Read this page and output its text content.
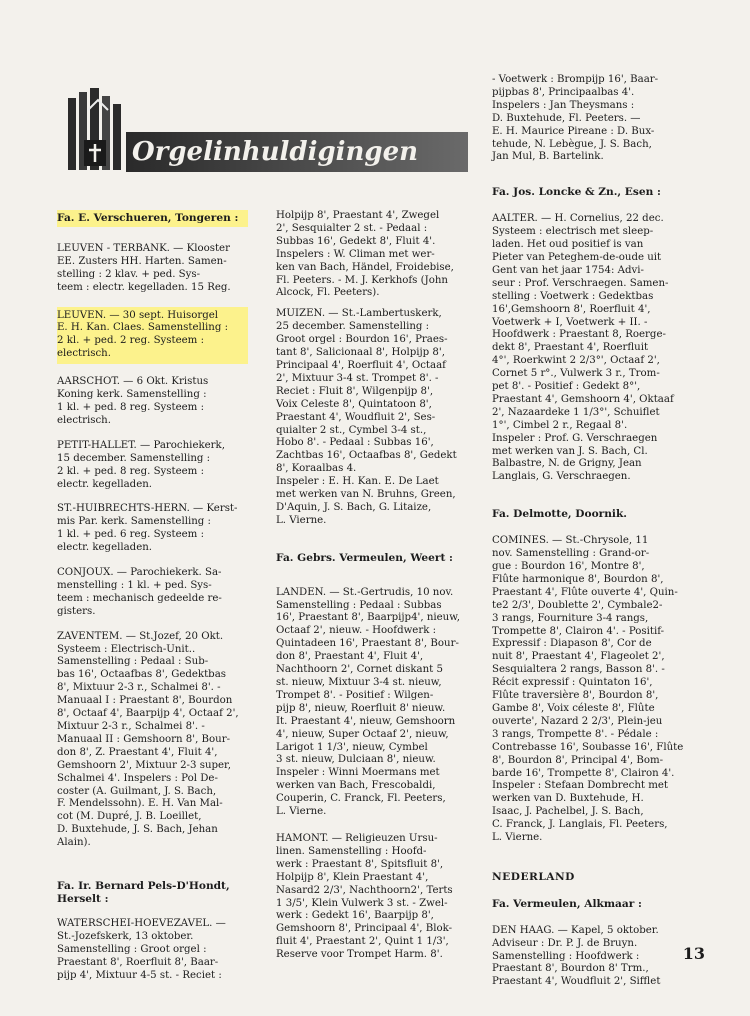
Orgelinhuldigingen
Fa. E. Verschueren, Tongeren :
LEUVEN - TERBANK. — Klooster
EE. Zusters HH. Harten. Samen-
stelling : 2 klav. + ped. Sys-
teem : electr. kegelladen. 15 Reg.
LEUVEN. — 30 sept. Huisorgel
E. H. Kan. Claes. Samenstelling :
2 kl. + ped. 2 reg. Systeem :
electrisch.
AARSCHOT. — 6 Okt. Kristus
Koning kerk. Samenstelling :
1 kl. + ped. 8 reg. Systeem :
electrisch.
PETIT-HALLET. — Parochiekerk,
15 december. Samenstelling :
2 kl. + ped. 8 reg. Systeem :
electr. kegelladen.
ST.-HUIBRECHTS-HERN. — Kerst-
mis Par. kerk. Samenstelling :
1 kl. + ped. 6 reg. Systeem :
electr. kegelladen.
CONJOUX. — Parochiekerk. Sa-
menstelling : 1 kl. + ped. Sys-
teem : mechanisch gedeelde re-
gisters.
ZAVENTEM. — St.Jozef, 20 Okt.
Systeem : Electrisch-Unit..
Samenstelling : Pedaal : Sub-
bas 16', Octaafbas 8', Gedektbas
8', Mixtuur 2-3 r., Schalmei 8'. -
Manuaal I : Praestant 8', Bourdon
8', Octaaf 4', Baarpijp 4', Octaaf 2',
Mixtuur 2-3 r., Schalmei 8'. -
Manuaal II : Gemshoorn 8', Bour-
don 8', Z. Praestant 4', Fluit 4',
Gemshoorn 2', Mixtuur 2-3 super,
Schalmei 4'. Inspelers : Pol De-
coster (A. Guilmant, J. S. Bach,
F. Mendelssohn). E. H. Van Mal-
cot (M. Dupré, J. B. Loeillet,
D. Buxtehude, J. S. Bach, Jehan
Alain).
Fa. Ir. Bernard Pels-D'Hondt,
Herselt :
WATERSCHEI-HOEVEZAVEL. —
St.-Jozefskerk, 13 oktober.
Samenstelling : Groot orgel :
Praestant 8', Roerfluit 8', Baar-
pijp 4', Mixtuur 4-5 st. - Reciet :
Holpijp 8', Praestant 4', Zwegel
2', Sesquialter 2 st. - Pedaal :
Subbas 16', Gedekt 8', Fluit 4'.
Inspelers : W. Climan met wer-
ken van Bach, Händel, Froidebise,
Fl. Peeters. - M. J. Kerkhofs (John
Alcock, Fl. Peeters).
MUIZEN. — St.-Lambertuskerk,
25 december. Samenstelling :
Groot orgel : Bourdon 16', Praes-
tant 8', Salicionaal 8', Holpijp 8',
Principaal 4', Roerfluit 4', Octaaf
2', Mixtuur 3-4 st. Trompet 8'. -
Reciet : Fluit 8', Wilgenpijp 8',
Voix Celeste 8', Quintatoon 8',
Praestant 4', Woudfluit 2', Ses-
quialter 2 st., Cymbel 3-4 st.,
Hobo 8'. - Pedaal : Subbas 16',
Zachtbas 16', Octaafbas 8', Gedekt
8', Koraalbas 4.
Inspeler : E. H. Kan. E. De Laet
met werken van N. Bruhns, Green,
D'Aquin, J. S. Bach, G. Litaize,
L. Vierne.
Fa. Gebrs. Vermeulen, Weert :
LANDEN. — St.-Gertrudis, 10 nov.
Samenstelling : Pedaal : Subbas
16', Praestant 8', Baarpijp4', nieuw,
Octaaf 2', nieuw. - Hoofdwerk :
Quintadeen 16', Praestant 8', Bour-
don 8', Praestant 4', Fluit 4',
Nachthoorn 2', Cornet diskant 5
st. nieuw, Mixtuur 3-4 st. nieuw,
Trompet 8'. - Positief : Wilgen-
pijp 8', nieuw, Roerfluit 8' nieuw.
It. Praestant 4', nieuw, Gemshoorn
4', nieuw, Super Octaaf 2', nieuw,
Larigot 1 1/3', nieuw, Cymbel
3 st. nieuw, Dulciaan 8', nieuw.
Inspeler : Winni Moermans met
werken van Bach, Frescobaldi,
Couperin, C. Franck, Fl. Peeters,
L. Vierne.
HAMONT. — Religieuzen Ursu-
linen. Samenstelling : Hoofd-
werk : Praestant 8', Spitsfluit 8',
Holpijp 8', Klein Praestant 4',
Nasard2 2/3', Nachthoorn2', Terts
1 3/5', Klein Vulwerk 3 st. - Zwel-
werk : Gedekt 16', Baarpijp 8',
Gemshoorn 8', Principaal 4', Blok-
fluit 4', Praestant 2', Quint 1 1/3',
Reserve voor Trompet Harm. 8'.
- Voetwerk : Brompijp 16', Baar-
pijpbas 8', Principaalbas 4'.
Inspelers : Jan Theysmans :
D. Buxtehude, Fl. Peeters. —
E. H. Maurice Pireane : D. Bux-
tehude, N. Lebègue, J. S. Bach,
Jan Mul, B. Bartelink.
Fa. Jos. Loncke & Zn., Esen :
AALTER. — H. Cornelius, 22 dec.
Systeem : electrisch met sleep-
laden. Het oud positief is van
Pieter van Peteghem-de-oude uit
Gent van het jaar 1754: Advi-
seur : Prof. Verschraegen. Samen-
stelling : Voetwerk : Gedektbas
16',Gemshoorn 8', Roerfluit 4',
Voetwerk + I, Voetwerk + II. -
Hoofdwerk : Praestant 8, Roerge-
dekt 8', Praestant 4', Roerfluit
4°', Roerkwint 2 2/3°', Octaaf 2',
Cornet 5 r°., Vulwerk 3 r., Trom-
pet 8'. - Positief : Gedekt 8°',
Praestant 4', Gemshoorn 4', Oktaaf
2', Nazaardeke 1 1/3°', Schuiflet
1°', Cimbel 2 r., Regaal 8'.
Inspeler : Prof. G. Verschraegen
met werken van J. S. Bach, Cl.
Balbastre, N. de Grigny, Jean
Langlais, G. Verschraegen.
Fa. Delmotte, Doornik.
COMINES. — St.-Chrysole, 11
nov. Samenstelling : Grand-or-
gue : Bourdon 16', Montre 8',
Flûte harmonique 8', Bourdon 8',
Praestant 4', Flûte ouverte 4', Quin-
te2 2/3', Doublette 2', Cymbale2-
3 rangs, Fourniture 3-4 rangs,
Trompette 8', Clairon 4'. - Positif-
Expressif : Diapason 8', Cor de
nuit 8', Praestant 4', Flageolet 2',
Sesquialtera 2 rangs, Basson 8'. -
Récit expressif : Quintaton 16',
Flûte traversière 8', Bourdon 8',
Gambe 8', Voix céleste 8', Flûte
ouverte', Nazard 2 2/3', Plein-jeu
3 rangs, Trompette 8'. - Pédale :
Contrebasse 16', Soubasse 16', Flûte
8', Bourdon 8', Principal 4', Bom-
barde 16', Trompette 8', Clairon 4'.
Inspeler : Stefaan Dombrecht met
werken van D. Buxtehude, H.
Isaac, J. Pachelbel, J. S. Bach,
C. Franck, J. Langlais, Fl. Peeters,
L. Vierne.
NEDERLAND
Fa. Vermeulen, Alkmaar :
DEN HAAG. — Kapel, 5 oktober.
Adviseur : Dr. P. J. de Bruyn.
Samenstelling : Hoofdwerk :
Praestant 8', Bourdon 8' Trm.,
Praestant 4', Woudfluit 2', Sifflet
13
